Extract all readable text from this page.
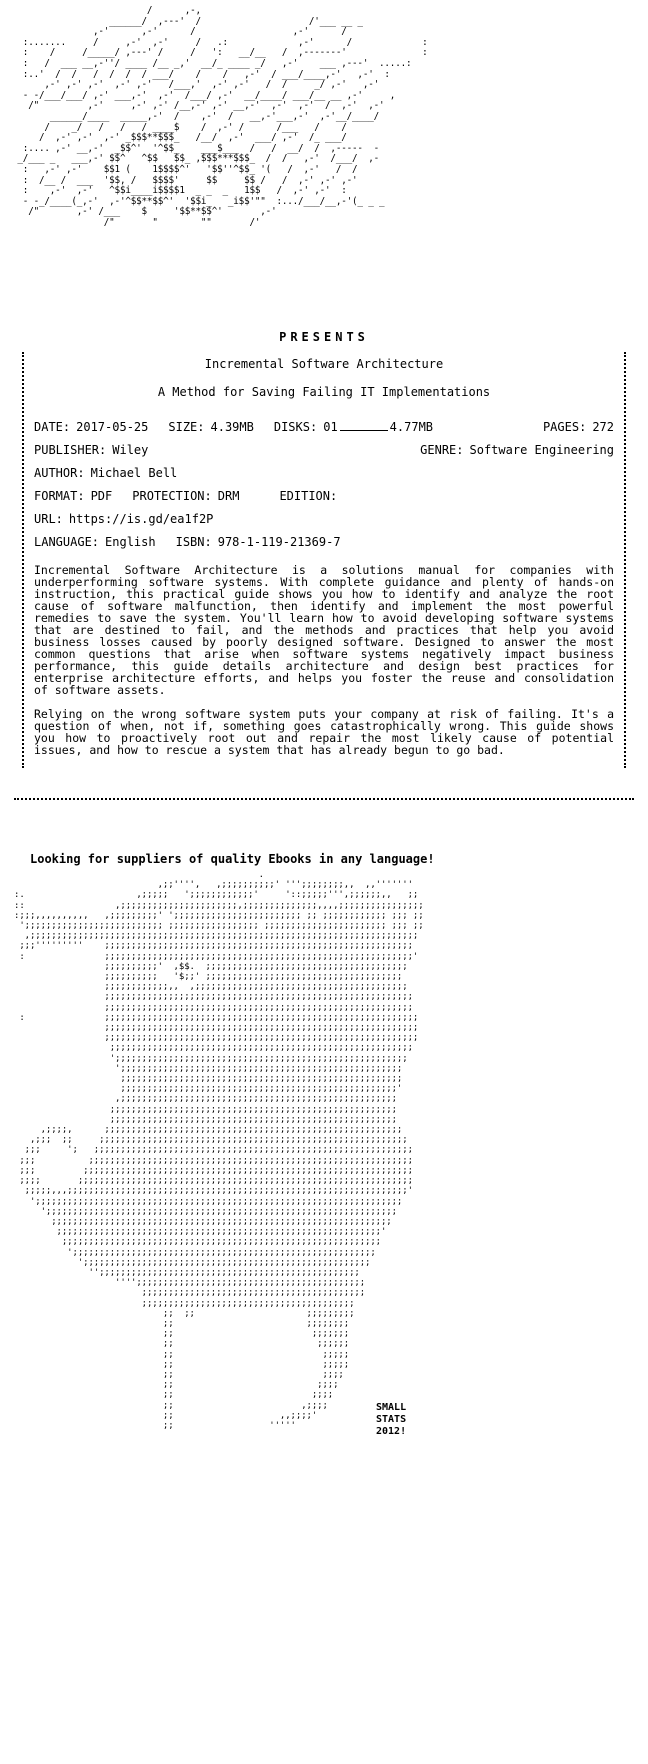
/      ,-,
______/  ,---'  /                    /'___ __ _
,-'      ,-'      /                  ,-'      /
:.......     /     ,-'  ,-'     /   .:             ,-'      /             :
:    /     /_____/ ,---' /     /   ':   __/__   /  ,-------'              :
:   /  ___ __,-''/ ____ /__ _,'  __/_ ____ _/   ,-'    ___ ,---'  .....:
:..'  /  /   /  /  /  / ___/    /    /   ,-'  / ___/____,-'   ,-'  :
,-' ,-' ,-'  ,-' ,-'   /___,'  ,-' ,-'   /  /     _/ ,-'   ,-'
- -/___/___/ ,-' ___,-'  ,-'  /___/ ,-'  __/____/ ___/__ __ ,-'     ,
/"         ,-'     ,-' ,-' /__,-' ,-' __,-'  ,-'  ,-'  /  ,-'  ,-'
______/____  _____,-'  /    ,-'  /   __,-'___,-'  ,-'__/____/
/    _/   /   /   / ____$    /  ,-' /      /___   /    /
/  ,-' ,-'  ,-' _$$$**$$$_   /__/  ,-'  ___/ ,-'  /_ ___/
:.... ,-' __,-'  _$$^'  '^$$_    ___$___  /   /  __/  /  ,-----  -
_/___ _   ___,-' $$^   ^$$   $$_ ,$$$***$$$_  /  /   ,-'  /___/  ,-
:   ,-' ,-'    $$1 (    1$$$$^'   '$$''^$$_ '(   /  ,-'   /  /
:  /__ /  ___  '$$, /   $$$$'     $$     $$ /   /  ,-' ,-' ,-'
:    ,-'  ,-'   ^$$i____i$$$$1  _ _  _   1$$   /  ,-' ,-'  :
- -_/____(_,-'  ,-'^$$**$$^'  '$$i_   _i$$'""  :.../___/__,-'(_ _ _
/"       ,-' /___    $     '$$**$$^'       ,-'
/"       "        ""       /'

PRESENTS
Incremental Software Architecture
A Method for Saving Failing IT Implementations
DATE: 2017-05-25 SIZE: 4.39MB DISKS: 01	4.77MB	PAGES: 272
PUBLISHER: Wiley	GENRE: Software Engineering
AUTHOR: Michael Bell
FORMAT: PDF PROTECTION: DRM	EDITION:
URL: https://is.gd/ea1f2P
LANGUAGE: English ISBN: 978-1-119-21369-7

Incremental Software Architecture is a solutions manual for companies with underperforming software systems. With complete guidance and plenty of hands-on instruction, this practical guide shows you how to identify and analyze the root cause of software malfunction, then identify and implement the most powerful remedies to save the system. You'll learn how to avoid developing software systems that are destined to fail, and the methods and practices that help you avoid business losses caused by poorly designed software. Designed to answer the most common questions that arise when software systems negatively impact business performance, this guide details architecture and design best practices for enterprise architecture efforts, and helps you foster the reuse and consolidation of software assets.

Relying on the wrong software system puts your company at risk of failing. It's a question of when, not if, something goes catastrophically wrong. This guide shows you how to proactively root out and repair the most likely cause of potential issues, and how to rescue a system that has already begun to go bad.

Looking for suppliers of quality Ebooks in any language!
.
,;;'''',   ,;;;;;;;;;;' ''';;;;;;;;,,  ,,'''''''
:.                     ,;;;;;   ';;;;;;;;;;;;'     '::;;;;;''',;;;;;;,,   ;;
::                 ,;;;;;;;;;;;;;;;;;;;;;;,;;;;;;;;;;;;;;,,,,;;;;;;;;;;;;;;;;
:;;;,,,,,,,,,,   ,;;;;;;;;;' ';;;;;;;;;;;;;;;;;;;;;;;; ;; ;;;;;;;;;;;; ;;; ;;
';;;;;;;;;;;;;;;;;;;;;;;;;; ;;;;;;;;;;;;;;;;; ;;;;;;;;;;;;;;;;;;;;;;; ;;; ;;
,;;;;;;;;;;;;;;;;;;;;;;;;;;;;;;;;;;;;;;;;;;;;;;;;;;;;;;;;;;;;;;;;;;;;;;;;;
;;;'''''''''    ;;;;;;;;;;;;;;;;;;;;;;;;;;;;;;;;;;;;;;;;;;;;;;;;;;;;;;;;;;
:               ;;;;;;;;;;;;;;;;;;;;;;;;;;;;;;;;;;;;;;;;;;;;;;;;;;;;;;;;;;'
;;;;;;;;;;'  ,$$.  ;;;;;;;;;;;;;;;;;;;;;;;;;;;;;;;;;;;;;;
;;;;;;;;;;   '$;;' ;;;;;;;;;;;;;;;;;;;;;;;;;;;;;;;;;;;;;
;;;;;;;;;;;;,,  ,;;;;;;;;;;;;;;;;;;;;;;;;;;;;;;;;;;;;;;;;
;;;;;;;;;;;;;;;;;;;;;;;;;;;;;;;;;;;;;;;;;;;;;;;;;;;;;;;;;;
;;;;;;;;;;;;;;;;;;;;;;;;;;;;;;;;;;;;;;;;;;;;;;;;;;;;;;;;;;
:               ;;;;;;;;;;;;;;;;;;;;;;;;;;;;;;;;;;;;;;;;;;;;;;;;;;;;;;;;;;;
;;;;;;;;;;;;;;;;;;;;;;;;;;;;;;;;;;;;;;;;;;;;;;;;;;;;;;;;;;;
;;;;;;;;;;;;;;;;;;;;;;;;;;;;;;;;;;;;;;;;;;;;;;;;;;;;;;;;;;;
;;;;;;;;;;;;;;;;;;;;;;;;;;;;;;;;;;;;;;;;;;;;;;;;;;;;;;;;;
';;;;;;;;;;;;;;;;;;;;;;;;;;;;;;;;;;;;;;;;;;;;;;;;;;;;;;;
';;;;;;;;;;;;;;;;;;;;;;;;;;;;;;;;;;;;;;;;;;;;;;;;;;;;;
;;;;;;;;;;;;;;;;;;;;;;;;;;;;;;;;;;;;;;;;;;;;;;;;;;;;;
;;;;;;;;;;;;;;;;;;;;;;;;;;;;;;;;;;;;;;;;;;;;;;;;;;;;'
,;;;;;;;;;;;;;;;;;;;;;;;;;;;;;;;;;;;;;;;;;;;;;;;;;;;;
;;;;;;;;;;;;;;;;;;;;;;;;;;;;;;;;;;;;;;;;;;;;;;;;;;;;;;
;;;;;;;;;;;;;;;;;;;;;;;;;;;;;;;;;;;;;;;;;;;;;;;;;;;;;;
,;;;;,      ;;;;;;;;;;;;;;;;;;;;;;;;;;;;;;;;;;;;;;;;;;;;;;;;;;;;;;;;
,;;;  ;;     ;;;;;;;;;;;;;;;;;;;;;;;;;;;;;;;;;;;;;;;;;;;;;;;;;;;;;;;;;;
;;;     ';   ;;;;;;;;;;;;;;;;;;;;;;;;;;;;;;;;;;;;;;;;;;;;;;;;;;;;;;;;;;;;
;;;          ;;;;;;;;;;;;;;;;;;;;;;;;;;;;;;;;;;;;;;;;;;;;;;;;;;;;;;;;;;;;;
;;;         ;;;;;;;;;;;;;;;;;;;;;;;;;;;;;;;;;;;;;;;;;;;;;;;;;;;;;;;;;;;;;;
;;;;       ;;;;;;;;;;;;;;;;;;;;;;;;;;;;;;;;;;;;;;;;;;;;;;;;;;;;;;;;;;;;;;;
;;;;;,,,;;;;;;;;;;;;;;;;;;;;;;;;;;;;;;;;;;;;;;;;;;;;;;;;;;;;;;;;;;;;;;;;'
';;;;;;;;;;;;;;;;;;;;;;;;;;;;;;;;;;;;;;;;;;;;;;;;;;;;;;;;;;;;;;;;;;;;;
';;;;;;;;;;;;;;;;;;;;;;;;;;;;;;;;;;;;;;;;;;;;;;;;;;;;;;;;;;;;;;;;;;
;;;;;;;;;;;;;;;;;;;;;;;;;;;;;;;;;;;;;;;;;;;;;;;;;;;;;;;;;;;;;;;;
;;;;;;;;;;;;;;;;;;;;;;;;;;;;;;;;;;;;;;;;;;;;;;;;;;;;;;;;;;;;;'
;;;;;;;;;;;;;;;;;;;;;;;;;;;;;;;;;;;;;;;;;;;;;;;;;;;;;;;;;;;;
';;;;;;;;;;;;;;;;;;;;;;;;;;;;;;;;;;;;;;;;;;;;;;;;;;;;;;;;;
';;;;;;;;;;;;;;;;;;;;;;;;;;;;;;;;;;;;;;;;;;;;;;;;;;;;;;
'';;;;;;;;;;;;;;;;;;;;;;;;;;;;;;;;;;;;;;;;;;;;;;;;;
'''';;;;;;;;;;;;;;;;;;;;;;;;;;;;;;;;;;;;;;;;;;;
;;;;;;;;;;;;;;;;;;;;;;;;;;;;;;;;;;;;;;;;;;
;;;;;;;;;;;;;;;;;;;;;;;;;;;;;;;;;;;;;;;;
;;  ;;                     ;;;;;;;;;
;;                         ;;;;;;;;
;;                          ;;;;;;;
;;                           ;;;;;;
;;                            ;;;;;
;;                            ;;;;;
;;                            ;;;;
;;                           ;;;;
;;                          ;;;;
;;                        ,;;;;
;;                    ,,;;;;'
;;                  '''''

SMALL
STATS
2012!
